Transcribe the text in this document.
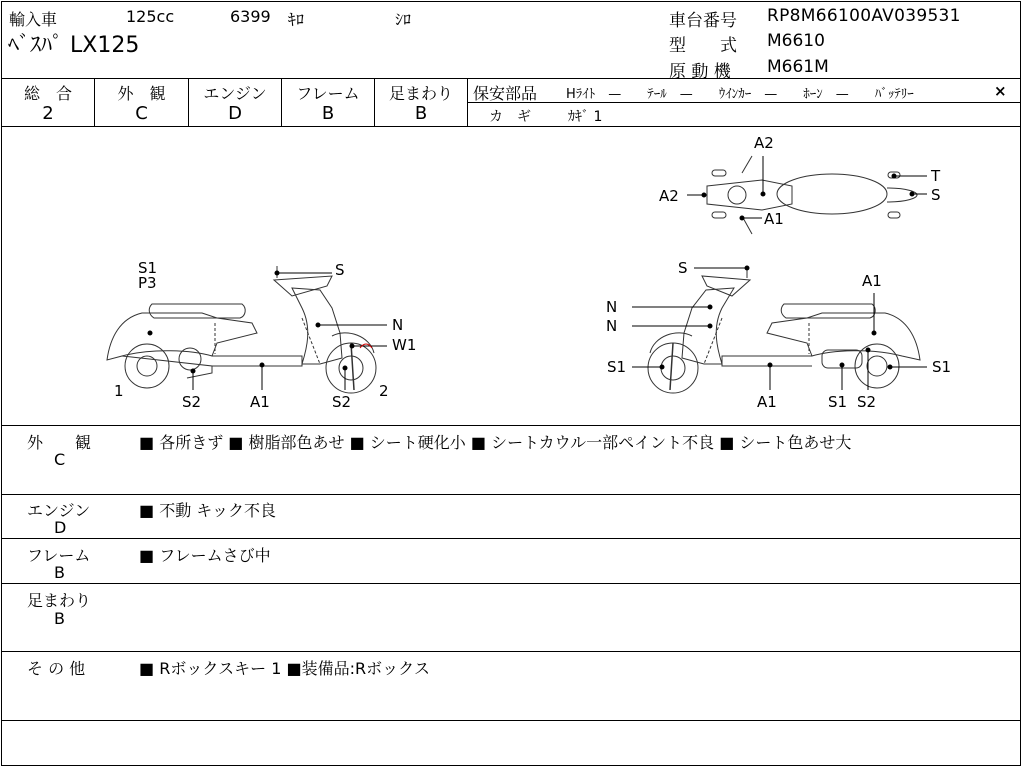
輸入車	125cc	6399 ｷﾛ	ｼﾛ
ﾍﾞｽﾊﾟ LX125
車台番号 RP8M66100AV039531
型　　式 M6610
原 動 機 M661M
総　合
2
外　観
C
エンジン
D
フレーム
B
足まわり
B
保安部品 Hﾗｲﾄ　—　　ﾃｰﾙ　—　　ｳｲﾝｶｰ　—　　ﾎｰﾝ　—　　ﾊﾞｯﾃﾘｰ	×
カ　ギ	ｶｷﾞ 1
S1
P3
S
N
W1
1	2
S2	A1	S2
A2
A2
A1
T
S
S
A1
N
N
S1	S1
A1	S1 S2
外　　観
C
■ 各所きず ■ 樹脂部色あせ ■ シート硬化小 ■ シートカウル一部ペイント不良 ■ シート色あせ大
エンジン
D
■ 不動 キック不良
フレーム
B
■ フレームさび中
足まわり
B
そ の 他	■ Rボックスキー 1 ■装備品:Rボックス
